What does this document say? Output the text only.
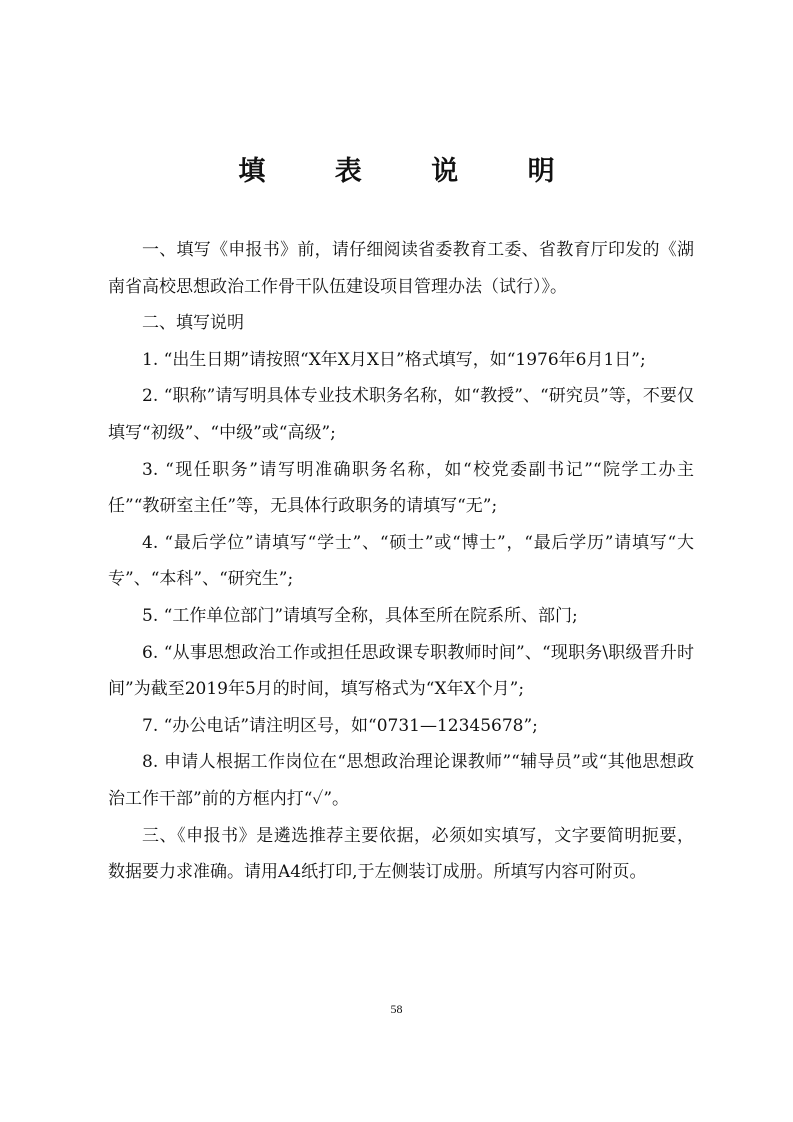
填 表 说 明

一、填写《申报书》前，请仔细阅读省委教育工委、省教育厅印发的《湖南省高校思想政治工作骨干队伍建设项目管理办法（试行）》。

二、填写说明

1. “出生日期”请按照“X年X月X日”格式填写，如“1976年6月1日”;

2. “职称”请写明具体专业技术职务名称，如“教授”、“研究员”等，不要仅填写“初级”、“中级”或“高级”;

3. “现任职务”请写明准确职务名称，如“校党委副书记”“院学工办主任”“教研室主任”等，无具体行政职务的请填写“无”;

4. “最后学位”请填写“学士”、“硕士”或“博士”，“最后学历”请填写“大专”、“本科”、“研究生”;

5. “工作单位部门”请填写全称，具体至所在院系所、部门;

6. “从事思想政治工作或担任思政课专职教师时间”、“现职务\职级晋升时间”为截至2019年5月的时间，填写格式为“X年X个月”;

7. “办公电话”请注明区号，如“0731—12345678”;

8. 申请人根据工作岗位在“思想政治理论课教师”“辅导员”或“其他思想政治工作干部”前的方框内打“✓”。

三、《申报书》是遴选推荐主要依据，必须如实填写，文字要简明扼要，数据要力求准确。请用A4纸打印,于左侧装订成册。所填写内容可附页。

58
